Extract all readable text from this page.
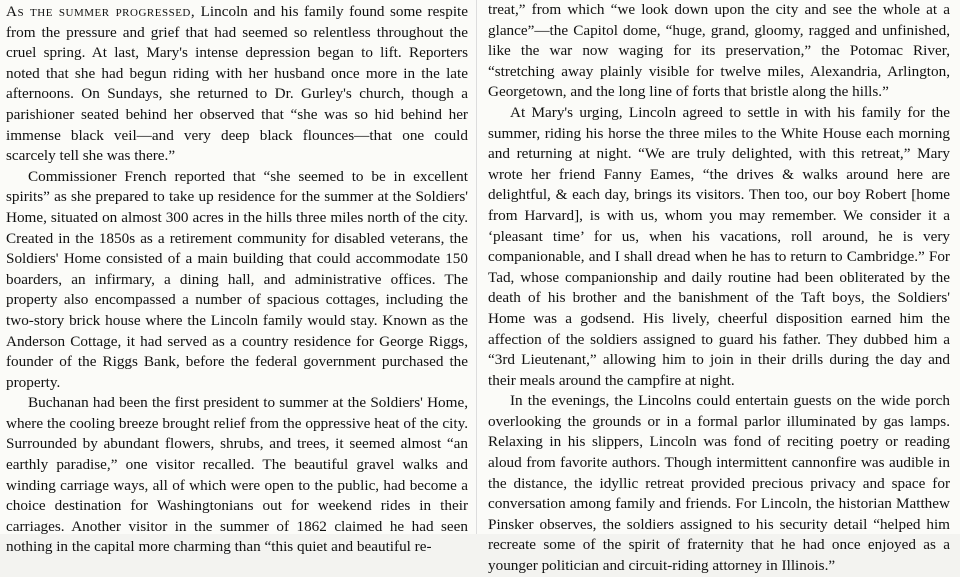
As the summer progressed, Lincoln and his family found some respite from the pressure and grief that had seemed so relentless throughout the cruel spring. At last, Mary's intense depression began to lift. Reporters noted that she had begun riding with her husband once more in the late afternoons. On Sundays, she returned to Dr. Gurley's church, though a parishioner seated behind her observed that “she was so hid behind her immense black veil—and very deep black flounces—that one could scarcely tell she was there.”

Commissioner French reported that “she seemed to be in excellent spirits” as she prepared to take up residence for the summer at the Soldiers' Home, situated on almost 300 acres in the hills three miles north of the city. Created in the 1850s as a retirement community for disabled veterans, the Soldiers' Home consisted of a main building that could accommodate 150 boarders, an infirmary, a dining hall, and administrative offices. The property also encompassed a number of spacious cottages, including the two-story brick house where the Lincoln family would stay. Known as the Anderson Cottage, it had served as a country residence for George Riggs, founder of the Riggs Bank, before the federal government purchased the property.

Buchanan had been the first president to summer at the Soldiers' Home, where the cooling breeze brought relief from the oppressive heat of the city. Surrounded by abundant flowers, shrubs, and trees, it seemed almost “an earthly paradise,” one visitor recalled. The beautiful gravel walks and winding carriage ways, all of which were open to the public, had become a choice destination for Washingtonians out for weekend rides in their carriages. Another visitor in the summer of 1862 claimed he had seen nothing in the capital more charming than “this quiet and beautiful re-

treat,” from which “we look down upon the city and see the whole at a glance”—the Capitol dome, “huge, grand, gloomy, ragged and unfinished, like the war now waging for its preservation,” the Potomac River, “stretching away plainly visible for twelve miles, Alexandria, Arlington, Georgetown, and the long line of forts that bristle along the hills.”

At Mary's urging, Lincoln agreed to settle in with his family for the summer, riding his horse the three miles to the White House each morning and returning at night. “We are truly delighted, with this retreat,” Mary wrote her friend Fanny Eames, “the drives & walks around here are delightful, & each day, brings its visitors. Then too, our boy Robert [home from Harvard], is with us, whom you may remember. We consider it a ‘pleasant time’ for us, when his vacations, roll around, he is very companionable, and I shall dread when he has to return to Cambridge.” For Tad, whose companionship and daily routine had been obliterated by the death of his brother and the banishment of the Taft boys, the Soldiers' Home was a godsend. His lively, cheerful disposition earned him the affection of the soldiers assigned to guard his father. They dubbed him a “3rd Lieutenant,” allowing him to join in their drills during the day and their meals around the campfire at night.

In the evenings, the Lincolns could entertain guests on the wide porch overlooking the grounds or in a formal parlor illuminated by gas lamps. Relaxing in his slippers, Lincoln was fond of reciting poetry or reading aloud from favorite authors. Though intermittent cannonfire was audible in the distance, the idyllic retreat provided precious privacy and space for conversation among family and friends. For Lincoln, the historian Matthew Pinsker observes, the soldiers assigned to his security detail “helped him recreate some of the spirit of fraternity that he had once enjoyed as a younger politician and circuit-riding attorney in Illinois.”
